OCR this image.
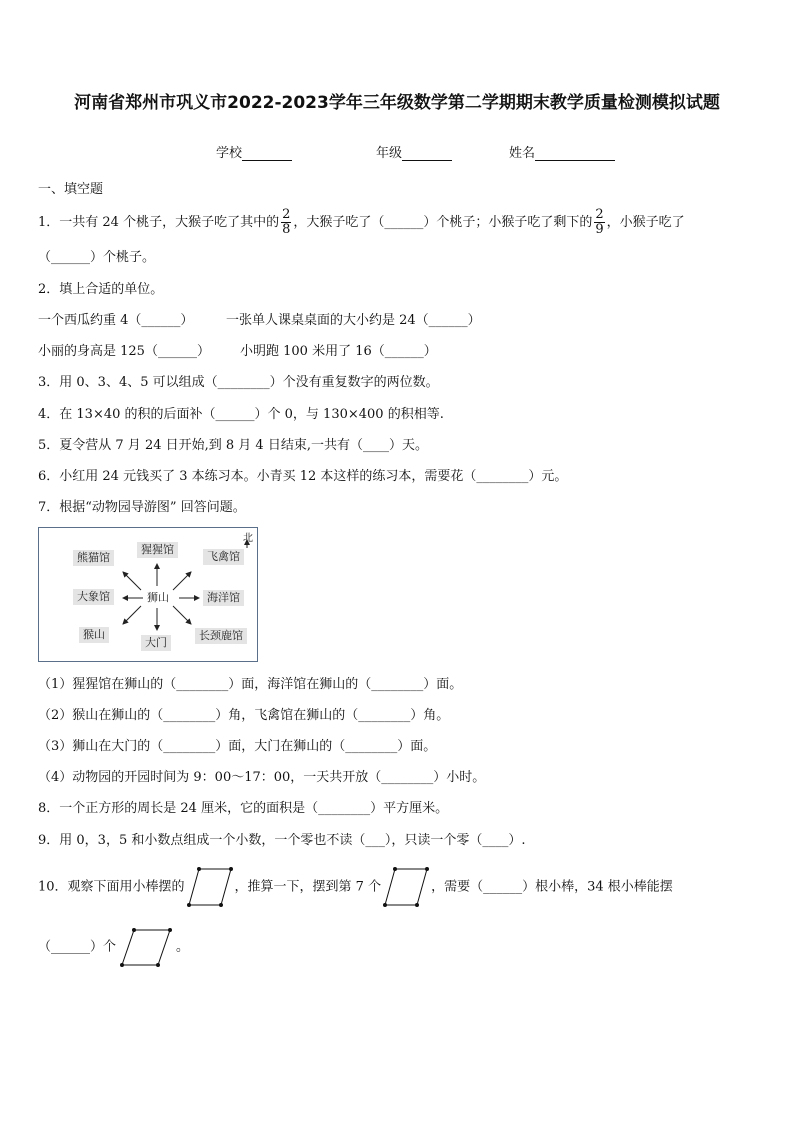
河南省郑州市巩义市2022-2023学年三年级数学第二学期期末教学质量检测模拟试题
学校	年级	姓名
一、填空题
1．一共有 24 个桃子，大猴子吃了其中的 $\frac{2}{8}$ ，大猴子吃了（______）个桃子；小猴子吃了剩下的 $\frac{2}{9}$ ，小猴子吃了
（______）个桃子。
2．填上合适的单位。
一个西瓜约重 4（______）	一张单人课桌桌面的大小约是 24（______）
小丽的身高是 125（______） 小明跑 100 米用了 16（______）
3．用 0、3、4、5 可以组成（________）个没有重复数字的两位数。
4．在 13×40 的积的后面补（______）个 0，与 130×400 的积相等.
5．夏令营从 7 月 24 日开始,到 8 月 4 日结束,一共有（____）天。
6．小红用 24 元钱买了 3 本练习本。小青买 12 本这样的练习本，需要花（________）元。
7．根据“动物园导游图” 回答问题。
北
猩猩馆
飞禽馆
熊猫馆
狮山
大象馆	海洋馆
猴山
大门
长颈鹿馆
（1）猩猩馆在狮山的（________）面，海洋馆在狮山的（________）面。
（2）猴山在狮山的（________）角，飞禽馆在狮山的（________）角。
（3）狮山在大门的（________）面，大门在狮山的（________）面。
（4）动物园的开园时间为 9：00～17：00，一天共开放（________）小时。
8．一个正方形的周长是 24 厘米，它的面积是（________）平方厘米。
9．用 0，3，5 和小数点组成一个小数，一个零也不读（___），只读一个零（____）.
10．观察下面用小棒摆的	，推算一下，摆到第 7 个	，需要（______）根小棒，34 根小棒能摆
（______）个	。
